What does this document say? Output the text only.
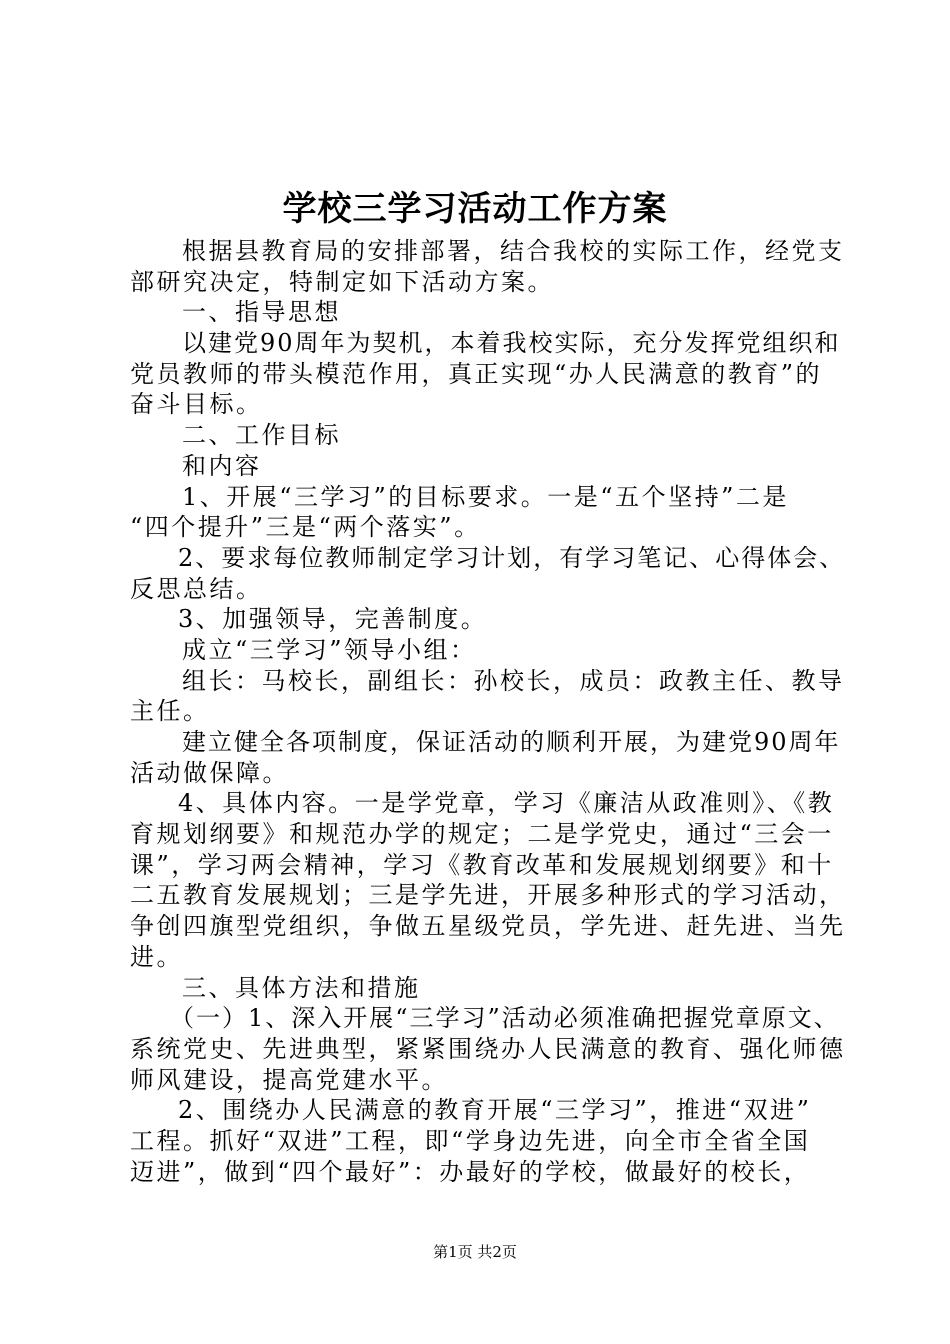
学校三学习活动工作方案
根据县教育局的安排部署，结合我校的实际工作，经党支
部研究决定，特制定如下活动方案。
一、指导思想
以建党90周年为契机，本着我校实际，充分发挥党组织和
党员教师的带头模范作用，真正实现“办人民满意的教育”的
奋斗目标。
二、工作目标
和内容
1、开展“三学习”的目标要求。一是“五个坚持”二是
“四个提升”三是“两个落实”。
2、要求每位教师制定学习计划，有学习笔记、心得体会、
反思总结。
3、加强领导，完善制度。
成立“三学习”领导小组：
组长：马校长，副组长：孙校长，成员：政教主任、教导
主任。
建立健全各项制度，保证活动的顺利开展，为建党90周年
活动做保障。
4、具体内容。一是学党章，学习《廉洁从政准则》、《教
育规划纲要》和规范办学的规定；二是学党史，通过“三会一
课”，学习两会精神，学习《教育改革和发展规划纲要》和十
二五教育发展规划；三是学先进，开展多种形式的学习活动，
争创四旗型党组织，争做五星级党员，学先进、赶先进、当先
进。
三、具体方法和措施
（一）1、深入开展“三学习”活动必须准确把握党章原文、
系统党史、先进典型，紧紧围绕办人民满意的教育、强化师德
师风建设，提高党建水平。
2、围绕办人民满意的教育开展“三学习”，推进“双进”
工程。抓好“双进”工程，即“学身边先进，向全市全省全国
迈进”，做到“四个最好”：办最好的学校，做最好的校长，
第1页 共2页
